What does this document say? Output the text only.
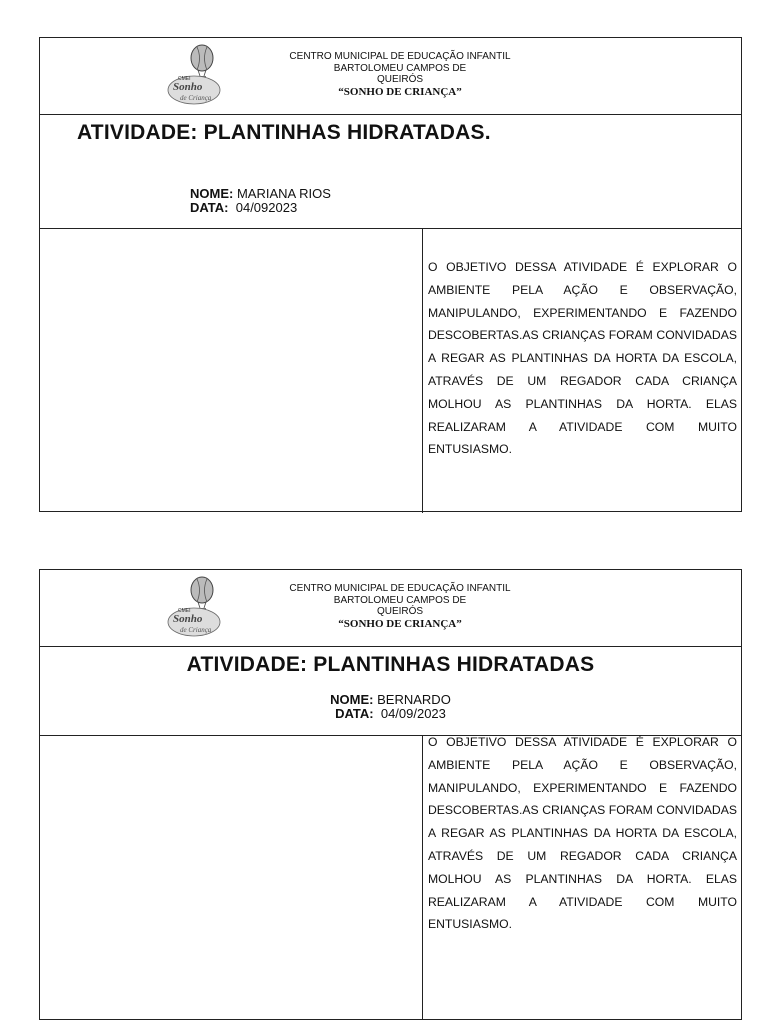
CMEI
Sonho
de Criança
CENTRO MUNICIPAL DE EDUCAÇÃO INFANTIL
BARTOLOMEU CAMPOS DE
QUEIRÓS
“SONHO DE CRIANÇA”
ATIVIDADE: PLANTINHAS HIDRATADAS.
NOME: MARIANA RIOS
DATA:  04/092023
O OBJETIVO DESSA ATIVIDADE É EXPLORAR O AMBIENTE PELA AÇÃO E OBSERVAÇÃO, MANIPULANDO, EXPERIMENTANDO E FAZENDO DESCOBERTAS.AS CRIANÇAS FORAM CONVIDADAS A REGAR AS PLANTINHAS DA HORTA DA ESCOLA, ATRAVÉS DE UM REGADOR CADA CRIANÇA MOLHOU AS PLANTINHAS DA HORTA. ELAS REALIZARAM A ATIVIDADE COM MUITO ENTUSIASMO.
CMEI
Sonho
de Criança
CENTRO MUNICIPAL DE EDUCAÇÃO INFANTIL
BARTOLOMEU CAMPOS DE
QUEIRÓS
“SONHO DE CRIANÇA”
ATIVIDADE: PLANTINHAS HIDRATADAS
NOME: BERNARDO
DATA:  04/09/2023
O OBJETIVO DESSA ATIVIDADE É EXPLORAR O AMBIENTE PELA AÇÃO E OBSERVAÇÃO, MANIPULANDO, EXPERIMENTANDO E FAZENDO DESCOBERTAS.AS CRIANÇAS FORAM CONVIDADAS A REGAR AS PLANTINHAS DA HORTA DA ESCOLA, ATRAVÉS DE UM REGADOR CADA CRIANÇA MOLHOU AS PLANTINHAS DA HORTA. ELAS REALIZARAM A ATIVIDADE COM MUITO ENTUSIASMO.
